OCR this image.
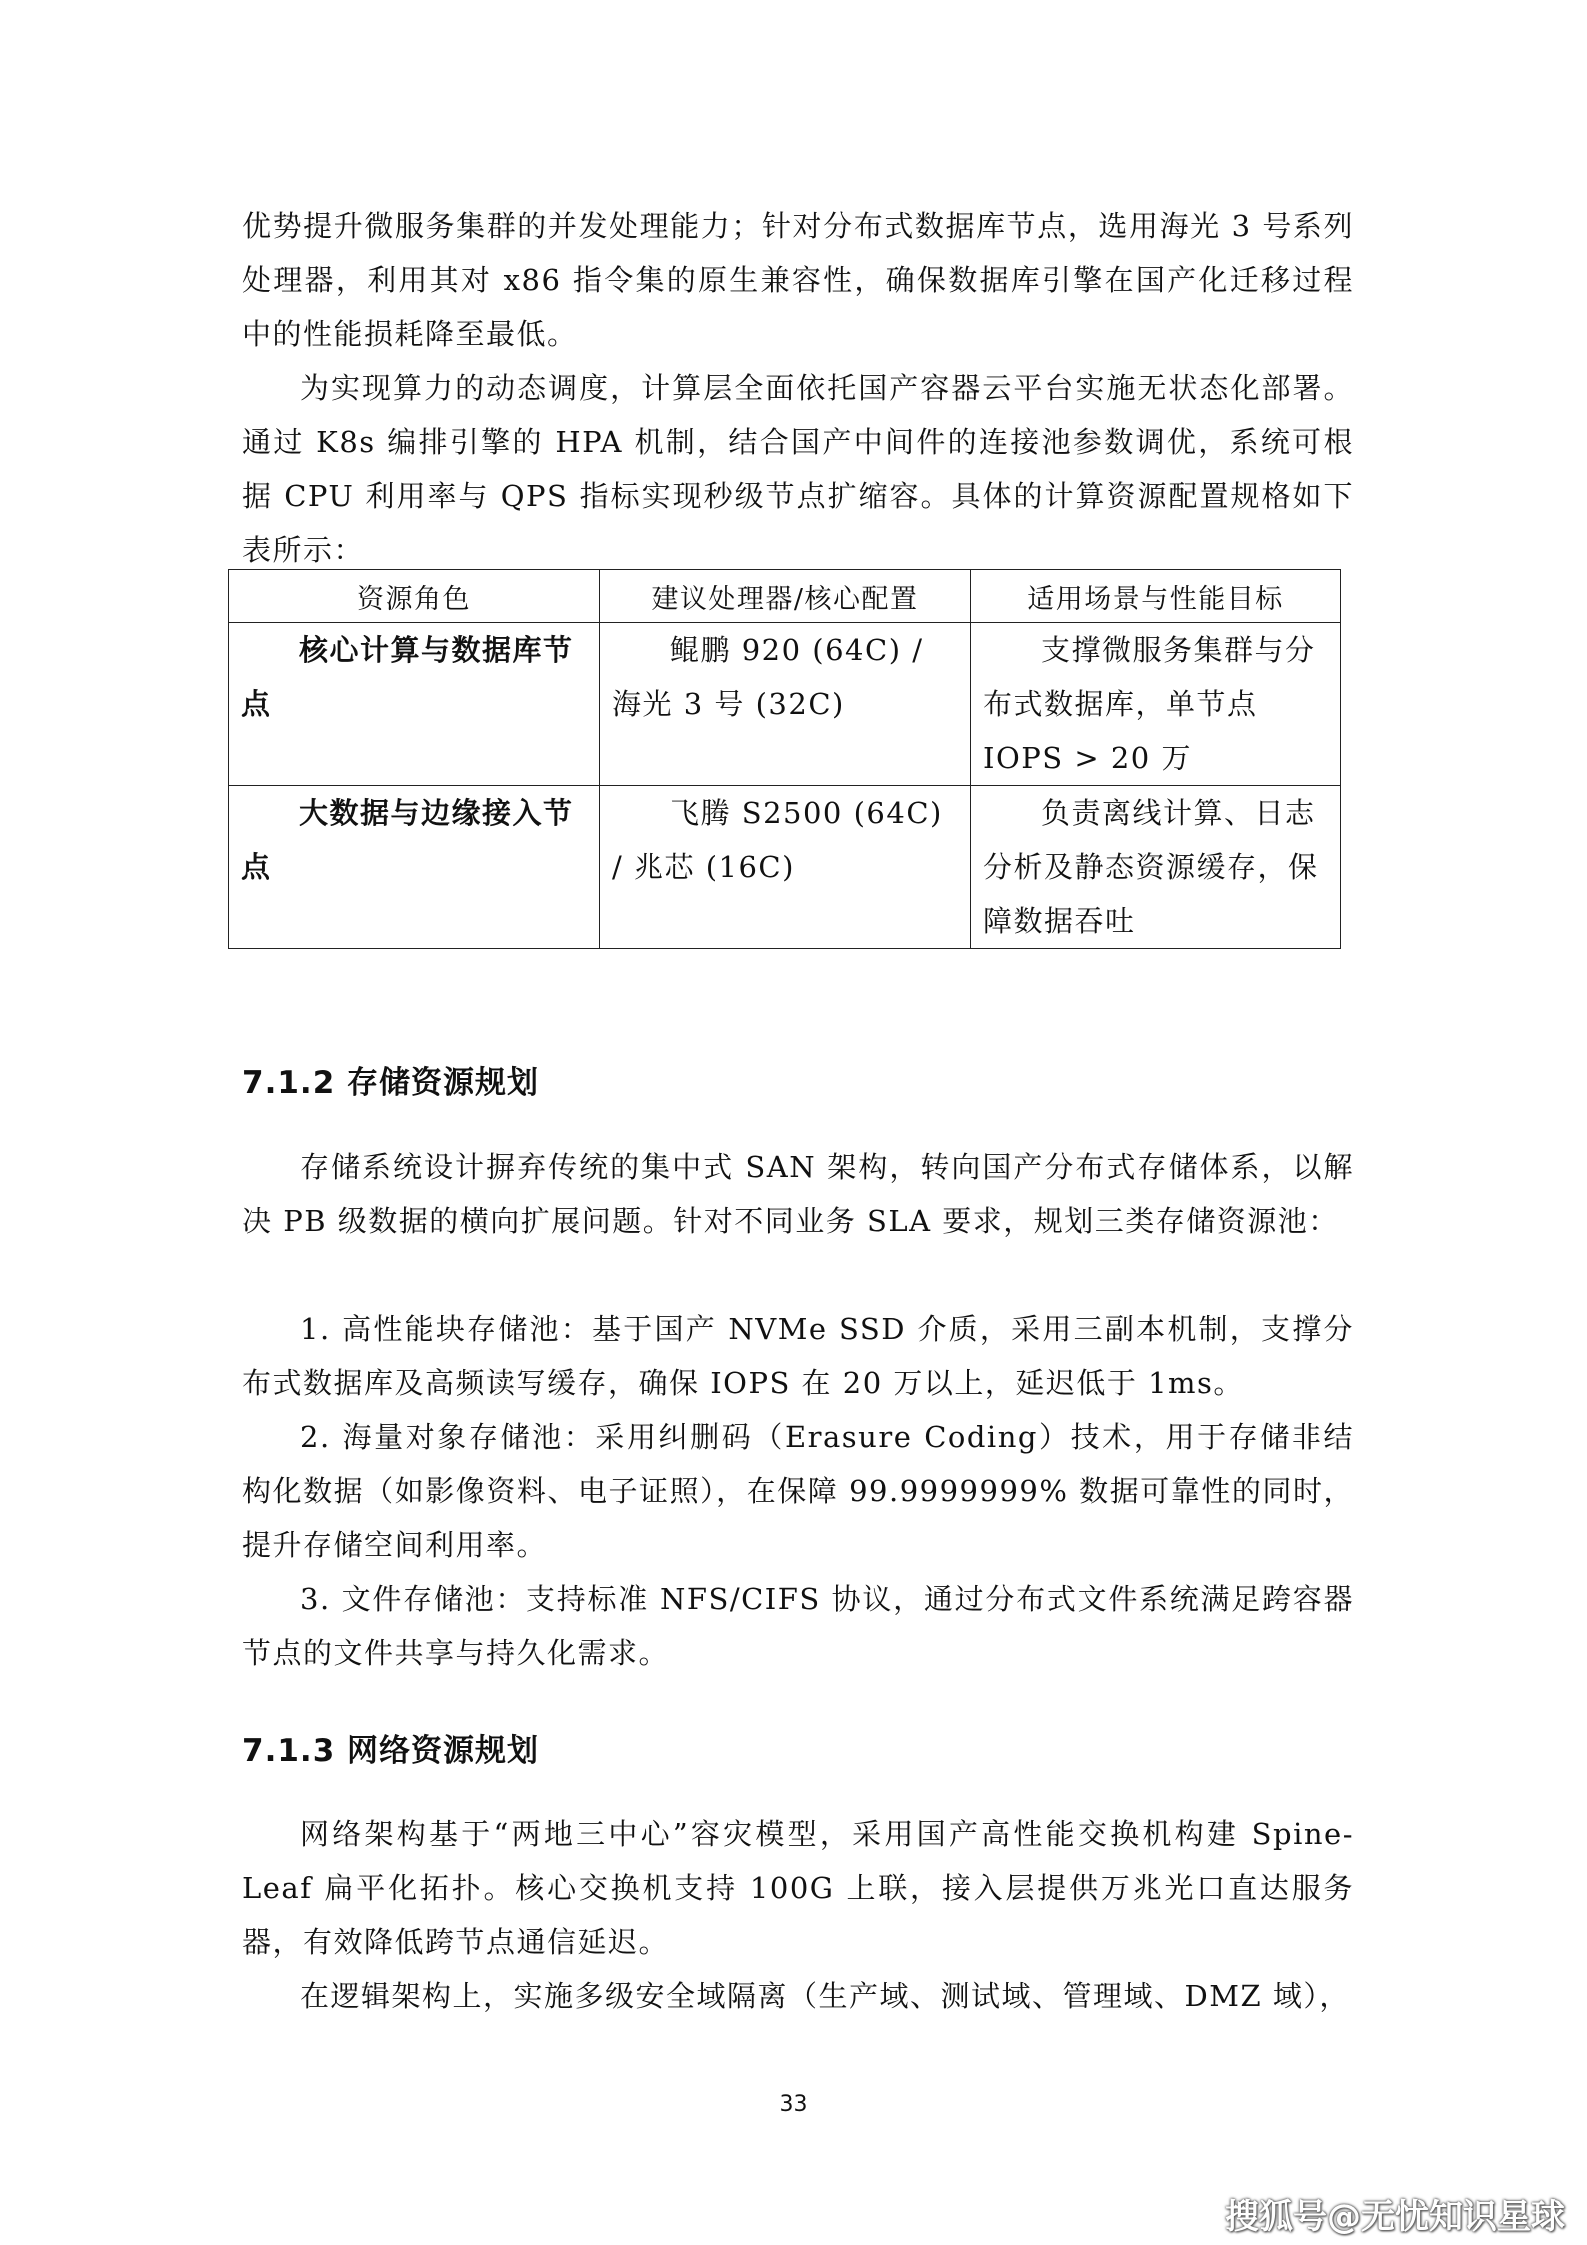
优势提升微服务集群的并发处理能力；针对分布式数据库节点，选用海光 3 号系列处理器，利用其对 x86 指令集的原生兼容性，确保数据库引擎在国产化迁移过程中的性能损耗降至最低。
为实现算力的动态调度，计算层全面依托国产容器云平台实施无状态化部署。通过 K8s 编排引擎的 HPA 机制，结合国产中间件的连接池参数调优，系统可根据 CPU 利用率与 QPS 指标实现秒级节点扩缩容。具体的计算资源配置规格如下表所示：
资源角色	建议处理器/核心配置	适用场景与性能目标
核心计算与数据库节点	鲲鹏 920 (64C) / 海光 3 号 (32C)	支撑微服务集群与分布式数据库，单节点 IOPS > 20 万
大数据与边缘接入节点	飞腾 S2500 (64C) / 兆芯 (16C)	负责离线计算、日志分析及静态资源缓存，保障数据吞吐
7.1.2 存储资源规划
存储系统设计摒弃传统的集中式 SAN 架构，转向国产分布式存储体系，以解决 PB 级数据的横向扩展问题。针对不同业务 SLA 要求，规划三类存储资源池：
1. 高性能块存储池：基于国产 NVMe SSD 介质，采用三副本机制，支撑分布式数据库及高频读写缓存，确保 IOPS 在 20 万以上，延迟低于 1ms。
2. 海量对象存储池：采用纠删码（Erasure Coding）技术，用于存储非结构化数据（如影像资料、电子证照），在保障 99.9999999% 数据可靠性的同时，提升存储空间利用率。
3. 文件存储池：支持标准 NFS/CIFS 协议，通过分布式文件系统满足跨容器节点的文件共享与持久化需求。
7.1.3 网络资源规划
网络架构基于“两地三中心”容灾模型，采用国产高性能交换机构建 Spine-Leaf 扁平化拓扑。核心交换机支持 100G 上联，接入层提供万兆光口直达服务器，有效降低跨节点通信延迟。
在逻辑架构上，实施多级安全域隔离（生产域、测试域、管理域、DMZ 域），
33
搜狐号@无忧知识星球
